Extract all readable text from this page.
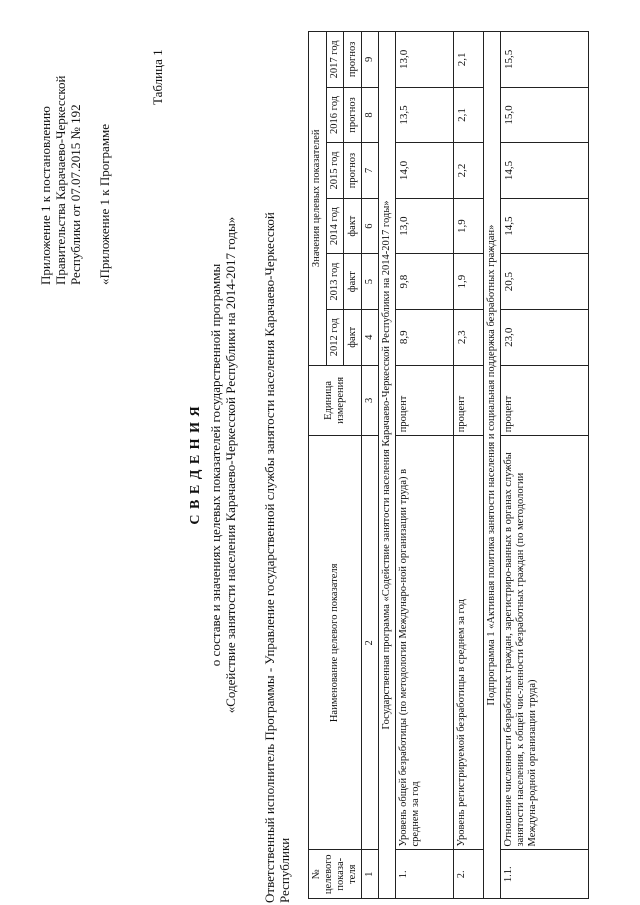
Приложение 1 к постановлению Правительства Карачаево-Черкесской Республики от 07.07.2015 № 192 «Приложение 1 к Программе
Таблица 1
С В Е Д Е Н И Я о составе и значениях целевых показателей государственной программы «Содействие занятости населения Карачаево-Черкесской Республики на 2014-2017 годы» Ответственный исполнитель Программы - Управление государственной службы занятости населения Карачаево-Черкесской Республики № целевого показа-теля	Наименование целевого показателя	Единица измерения	Значения целевых показателей					
			2012 год	2013 год	2014 год	2015 год	2016 год	2017 год
			факт	факт	факт	прогноз	прогноз	прогноз
1	2	3	4	5	6	7	8	9
Государственная программа «Содействие занятости населения Карачаево-Черкесской Республики на 2014-2017 годы»								
1.	Уровень общей безработицы (по методологии Междунаро-ной организации труда) в среднем за год	процент	8,9	9,8	13,0	14,0	13,5	13,0
2.	Уровень регистрируемой безработицы в среднем за год	процент	2,3	1,9	1,9	2,2	2,1	2,1
Подпрограмма 1 «Активная политика занятости населения и социальная поддержка безработных граждан»								
1.1.	Отношение численности безработных граждан, зарегистриро-ванных в органах службы занятости населения, к общей чис-ленности безработных граждан (по методологии Междуна-родной организации труда)	процент	23,0	20,5	14,5	14,5	15,0	15,5
